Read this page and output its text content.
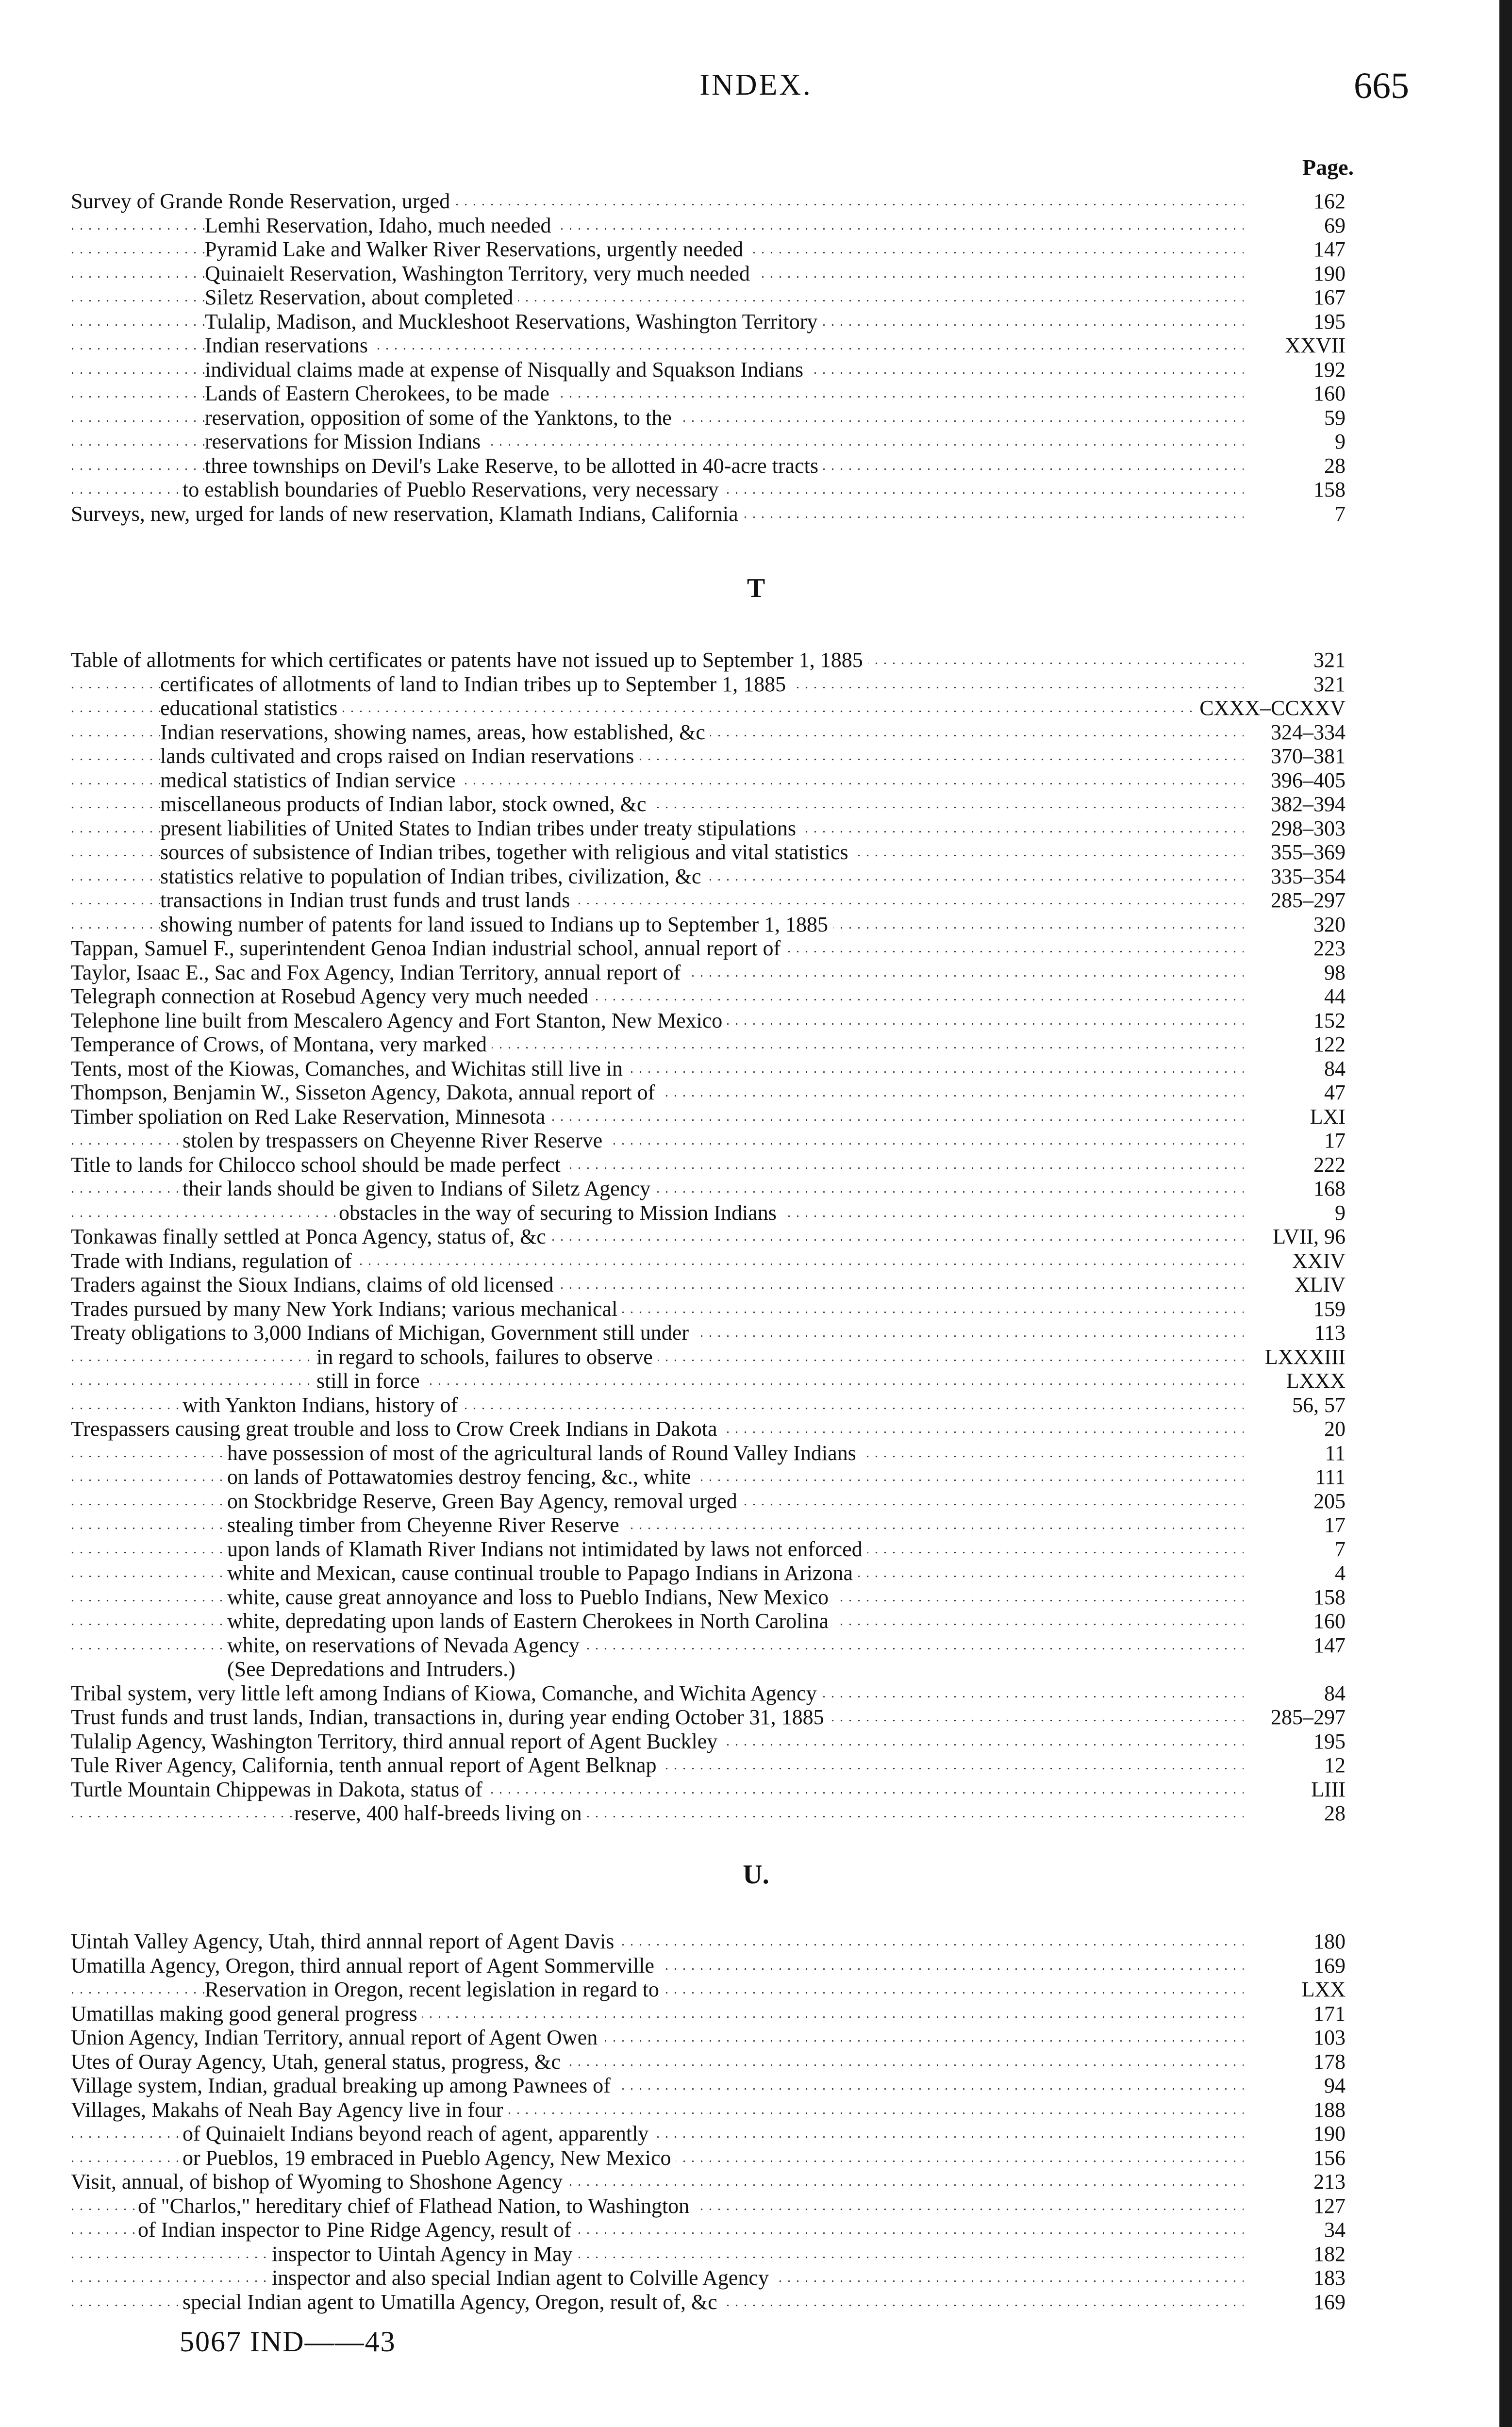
INDEX.	665
Page.
Survey of Grande Ronde Reservation, urged . . .	162
Lemhi Reservation, Idaho, much needed . . .	69
Pyramid Lake and Walker River Reservations, urgently needed . . .	147
Quinaielt Reservation, Washington Territory, very much needed . . .	190
Siletz Reservation, about completed . . .	167
Tulalip, Madison, and Muckleshoot Reservations, Washington Territory . . .	195
Indian reservations . . .	XXVII
individual claims made at expense of Nisqually and Squakson Indians . . .	192
Lands of Eastern Cherokees, to be made . . .	160
reservation, opposition of some of the Yanktons, to the . . .	59
reservations for Mission Indians . . .	9
three townships on Devil's Lake Reserve, to be allotted in 40-acre tracts . . .	28
to establish boundaries of Pueblo Reservations, very necessary . . .	158
Surveys, new, urged for lands of new reservation, Klamath Indians, California . . .	7
T
Table of allotments for which certificates or patents have not issued up to September 1, 1885 . . .	321
certificates of allotments of land to Indian tribes up to September 1, 1885 . . .	321
educational statistics . . .	CXXX–CCXXV
Indian reservations, showing names, areas, how established, &c . . .	324–334
lands cultivated and crops raised on Indian reservations . . .	370–381
medical statistics of Indian service . . .	396–405
miscellaneous products of Indian labor, stock owned, &c . . .	382–394
present liabilities of United States to Indian tribes under treaty stipulations . . .	298–303
sources of subsistence of Indian tribes, together with religious and vital statistics . . .	355–369
statistics relative to population of Indian tribes, civilization, &c . . .	335–354
transactions in Indian trust funds and trust lands . . .	285–297
showing number of patents for land issued to Indians up to September 1, 1885 . . .	320
Tappan, Samuel F., superintendent Genoa Indian industrial school, annual report of . . .	223
Taylor, Isaac E., Sac and Fox Agency, Indian Territory, annual report of . . .	98
Telegraph connection at Rosebud Agency very much needed . . .	44
Telephone line built from Mescalero Agency and Fort Stanton, New Mexico . . .	152
Temperance of Crows, of Montana, very marked . . .	122
Tents, most of the Kiowas, Comanches, and Wichitas still live in . . .	84
Thompson, Benjamin W., Sisseton Agency, Dakota, annual report of . . .	47
Timber spoliation on Red Lake Reservation, Minnesota . . .	LXI
stolen by trespassers on Cheyenne River Reserve . . .	17
Title to lands for Chilocco school should be made perfect . . .	222
their lands should be given to Indians of Siletz Agency . . .	168
obstacles in the way of securing to Mission Indians . . .	9
Tonkawas finally settled at Ponca Agency, status of, &c . . .	LVII, 96
Trade with Indians, regulation of . . .	XXIV
Traders against the Sioux Indians, claims of old licensed . . .	XLIV
Trades pursued by many New York Indians; various mechanical . . .	159
Treaty obligations to 3,000 Indians of Michigan, Government still under . . .	113
in regard to schools, failures to observe . . .	LXXXIII
still in force . . .	LXXX
with Yankton Indians, history of . . .	56, 57
Trespassers causing great trouble and loss to Crow Creek Indians in Dakota . . .	20
have possession of most of the agricultural lands of Round Valley Indians . . .	11
on lands of Pottawatomies destroy fencing, &c., white . . .	111
on Stockbridge Reserve, Green Bay Agency, removal urged . . .	205
stealing timber from Cheyenne River Reserve . . .	17
upon lands of Klamath River Indians not intimidated by laws not enforced . . .	7
white and Mexican, cause continual trouble to Papago Indians in Arizona . . .	4
white, cause great annoyance and loss to Pueblo Indians, New Mexico . . .	158
white, depredating upon lands of Eastern Cherokees in North Carolina . . .	160
white, on reservations of Nevada Agency . . .	147
(See Depredations and Intruders.)
Tribal system, very little left among Indians of Kiowa, Comanche, and Wichita Agency . . .	84
Trust funds and trust lands, Indian, transactions in, during year ending October 31, 1885 . . .	285–297
Tulalip Agency, Washington Territory, third annual report of Agent Buckley . . .	195
Tule River Agency, California, tenth annual report of Agent Belknap . . .	12
Turtle Mountain Chippewas in Dakota, status of . . .	LIII
reserve, 400 half-breeds living on . . .	28
U.
Uintah Valley Agency, Utah, third annnal report of Agent Davis . . .	180
Umatilla Agency, Oregon, third annual report of Agent Sommerville . . .	169
Reservation in Oregon, recent legislation in regard to . . .	LXX
Umatillas making good general progress . . .	171
Union Agency, Indian Territory, annual report of Agent Owen . . .	103
Utes of Ouray Agency, Utah, general status, progress, &c . . .	178
Village system, Indian, gradual breaking up among Pawnees of . . .	94
Villages, Makahs of Neah Bay Agency live in four . . .	188
of Quinaielt Indians beyond reach of agent, apparently . . .	190
or Pueblos, 19 embraced in Pueblo Agency, New Mexico . . .	156
Visit, annual, of bishop of Wyoming to Shoshone Agency . . .	213
of "Charlos," hereditary chief of Flathead Nation, to Washington . . .	127
of Indian inspector to Pine Ridge Agency, result of . . .	34
inspector to Uintah Agency in May . . .	182
inspector and also special Indian agent to Colville Agency . . .	183
special Indian agent to Umatilla Agency, Oregon, result of, &c . . .	169
5067 IND——43
